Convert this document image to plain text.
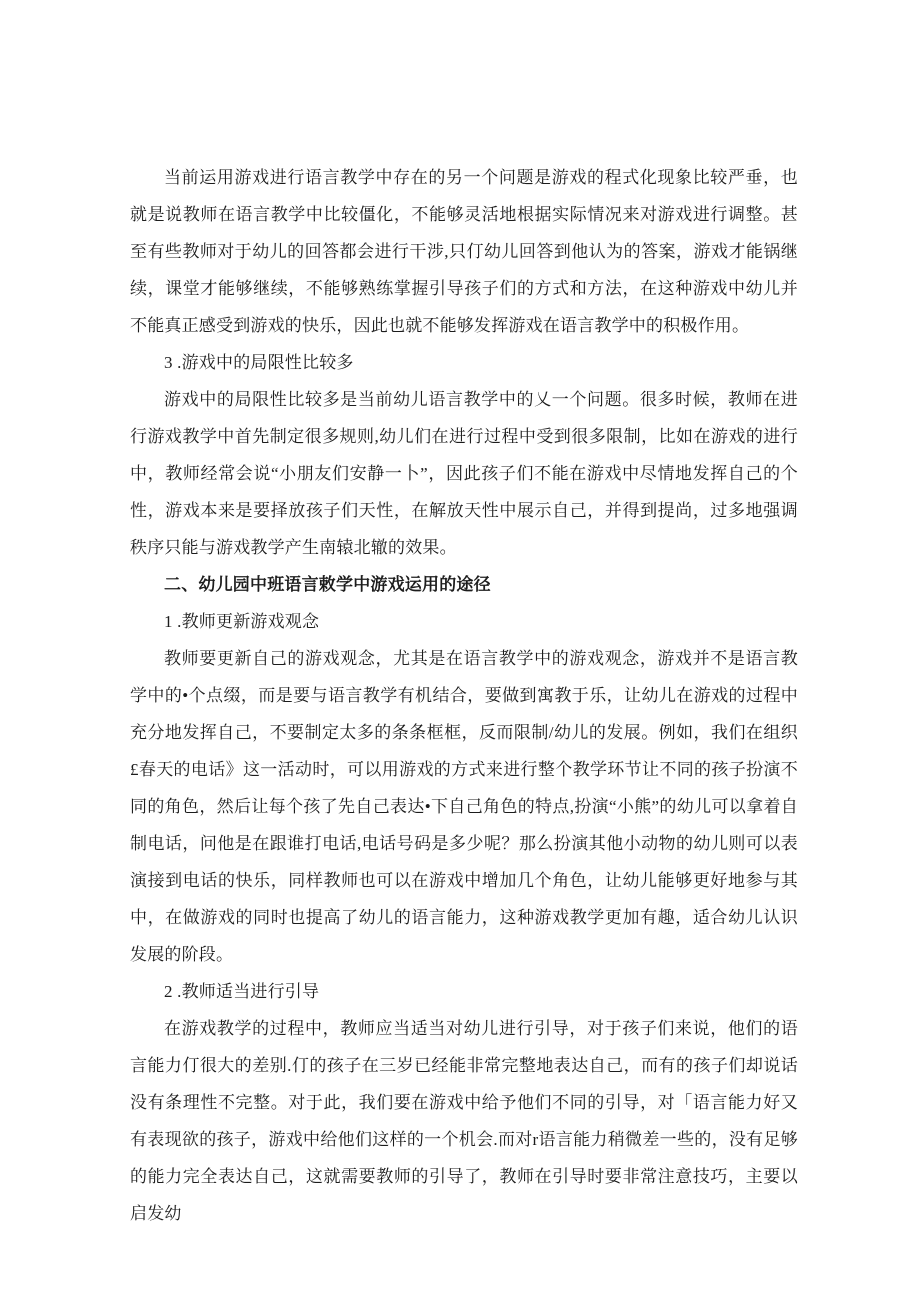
当前运用游戏进行语言教学中存在的另一个问题是游戏的程式化现象比较严垂，也就是说教师在语言教学中比较僵化，不能够灵活地根据实际情况来对游戏进行调整。甚至有些教师对于幼儿的回答都会进行干涉,只仃幼儿回答到他认为的答案，游戏才能锅继续，课堂才能够继续，不能够熟练掌握引导孩子们的方式和方法，在这种游戏中幼儿并不能真正感受到游戏的快乐，因此也就不能够发挥游戏在语言教学中的积极作用。

3 .游戏中的局限性比较多

游戏中的局限性比较多是当前幼儿语言教学中的乂一个问题。很多时候，教师在进行游戏教学中首先制定很多规则,幼儿们在进行过程中受到很多限制，比如在游戏的进行中，教师经常会说“小朋友们安静一卜”，因此孩子们不能在游戏中尽情地发挥自己的个性，游戏本来是要择放孩子们天性，在解放天性中展示自己，并得到提尚，过多地强调秩序只能与游戏教学产生南辕北辙的效果。

二、幼儿园中班语言敕学中游戏运用的途径

1 .教师更新游戏观念

教师要更新自己的游戏观念，尤其是在语言教学中的游戏观念，游戏并不是语言教学中的•个点缀，而是要与语言教学有机结合，要做到寓教于乐，让幼儿在游戏的过程中充分地发挥自己，不要制定太多的条条框框，反而限制/幼儿的发展。例如，我们在组织£春天的电话》这一活动时，可以用游戏的方式来进行整个教学环节让不同的孩子扮演不同的角色，然后让每个孩了先自己表达•下自己角色的特点,扮演“小熊”的幼儿可以拿着自制电话，问他是在跟谁打电话,电话号码是多少呢？那么扮演其他小动物的幼儿则可以表演接到电话的快乐，同样教师也可以在游戏中增加几个角色，让幼儿能够更好地参与其中，在做游戏的同时也提高了幼儿的语言能力，这种游戏教学更加有趣，适合幼儿认识发展的阶段。

2 .教师适当进行引导

在游戏教学的过程中，教师应当适当对幼儿进行引导，对于孩子们来说，他们的语言能力仃很大的差别.仃的孩子在三岁已经能非常完整地表达自己，而有的孩子们却说话没有条理性不完整。对于此，我们要在游戏中给予他们不同的引导，对「语言能力好又有表现欲的孩子，游戏中给他们这样的一个机会.而对r语言能力稍微差一些的，没有足够的能力完全表达自己，这就需要教师的引导了，教师在引导时要非常注意技巧，主要以启发幼
